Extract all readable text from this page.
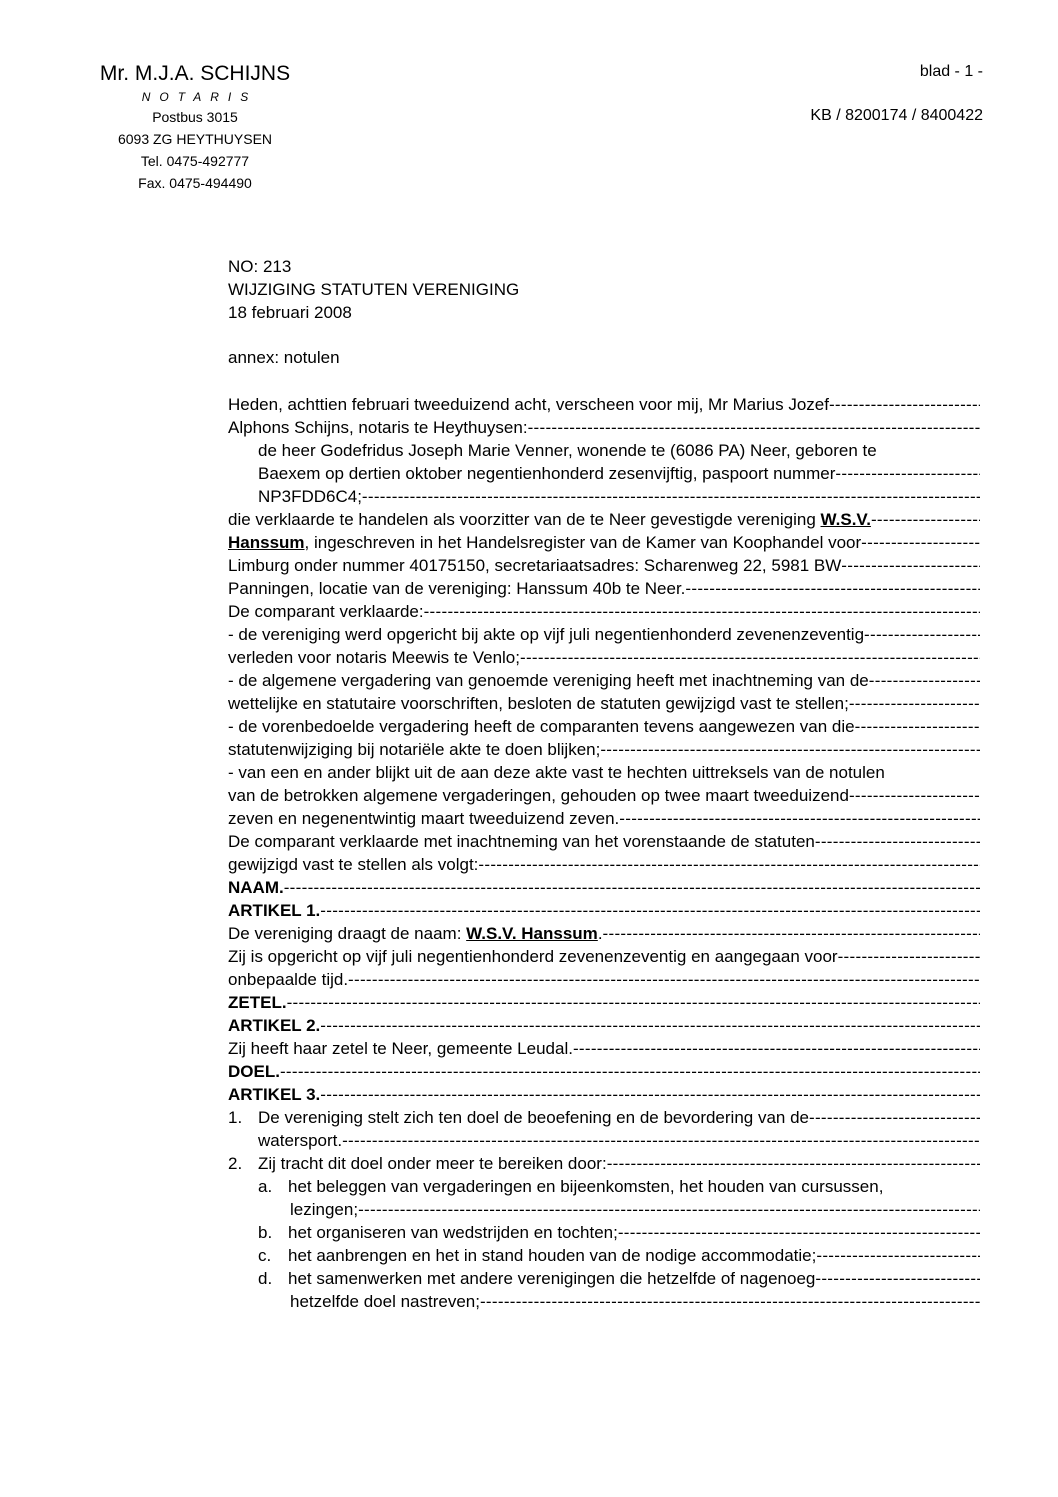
Mr. M.J.A. SCHIJNS
NOTARIS
Postbus 3015
6093 ZG HEYTHUYSEN
Tel. 0475-492777
Fax. 0475-494490
blad - 1 -
KB / 8200174 / 8400422
NO: 213
WIJZIGING STATUTEN VERENIGING
18 februari 2008
annex: notulen
Heden, achttien februari tweeduizend acht, verscheen voor mij, Mr Marius Jozef
-----
Alphons Schijns, notaris te Heythuysen:
-----
de heer Godefridus Joseph Marie Venner, wonende te (6086 PA) Neer, geboren te
Baexem op dertien oktober negentienhonderd zesenvijftig, paspoort nummer
-----
NP3FDD6C4;
-----
die verklaarde te handelen als voorzitter van de te Neer gevestigde vereniging W.S.V.
-----
Hanssum, ingeschreven in het Handelsregister van de Kamer van Koophandel voor
-----
Limburg onder nummer 40175150, secretariaatsadres: Scharenweg 22, 5981 BW
-----
Panningen, locatie van de vereniging: Hanssum 40b te Neer.
-----
De comparant verklaarde:
-----
- de vereniging werd opgericht bij akte op vijf juli negentienhonderd zevenenzeventig
-----
verleden voor notaris Meewis te Venlo;
-----
- de algemene vergadering van genoemde vereniging heeft met inachtneming van de
-----
wettelijke en statutaire voorschriften, besloten de statuten gewijzigd vast te stellen;
-----
- de vorenbedoelde vergadering heeft de comparanten tevens aangewezen van die
-----
statutenwijziging bij notariële akte te doen blijken;
-----
- van een en ander blijkt uit de aan deze akte vast te hechten uittreksels van de notulen
van de betrokken algemene vergaderingen, gehouden op twee maart tweeduizend
-----
zeven en negenentwintig maart tweeduizend zeven.
-----
De comparant verklaarde met inachtneming van het vorenstaande de statuten
-----
gewijzigd vast te stellen als volgt:
-----
NAAM.
-----
ARTIKEL 1.
-----
De vereniging draagt de naam: W.S.V. Hanssum.
-----
Zij is opgericht op vijf juli negentienhonderd zevenenzeventig en aangegaan voor
-----
onbepaalde tijd.
-----
ZETEL.
-----
ARTIKEL 2.
-----
Zij heeft haar zetel te Neer, gemeente Leudal.
-----
DOEL.
-----
ARTIKEL 3.
-----
1. De vereniging stelt zich ten doel de beoefening en de bevordering van de
-----
watersport.
-----
2. Zij tracht dit doel onder meer te bereiken door:
-----
a. het beleggen van vergaderingen en bijeenkomsten, het houden van cursussen,
lezingen;
-----
b. het organiseren van wedstrijden en tochten;
-----
c. het aanbrengen en het in stand houden van de nodige accommodatie;
-----
d. het samenwerken met andere verenigingen die hetzelfde of nagenoeg
-----
hetzelfde doel nastreven;
-----
